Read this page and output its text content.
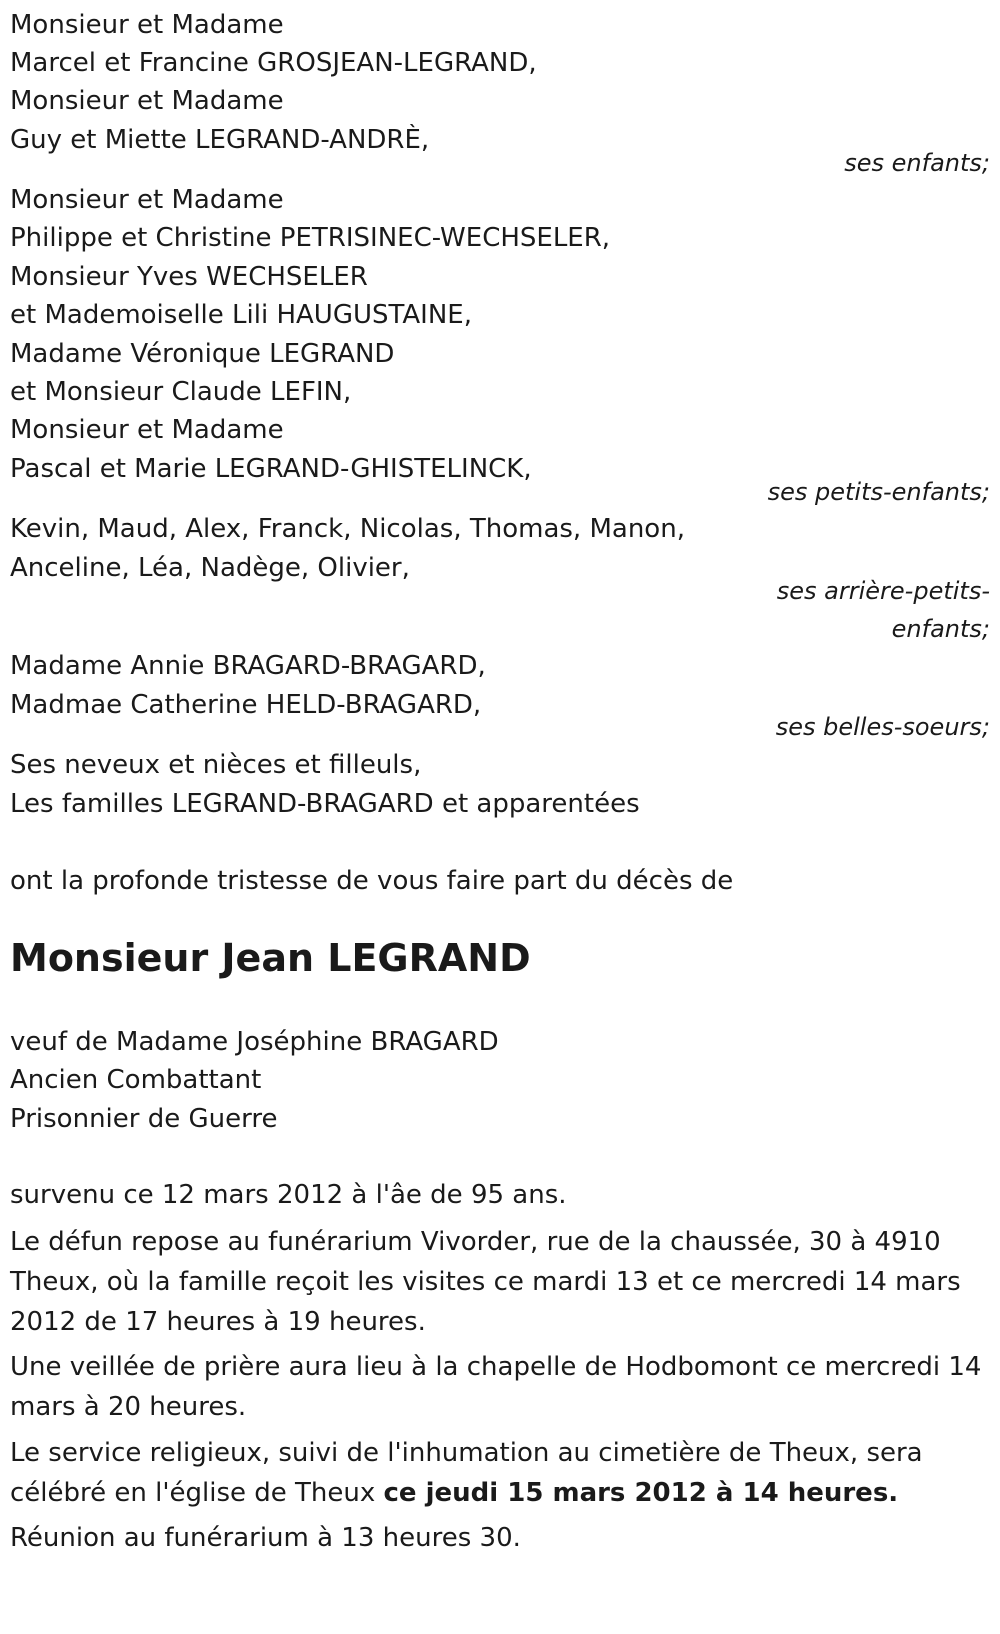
Monsieur et Madame
Marcel et Francine GROSJEAN-LEGRAND,
Monsieur et Madame
Guy et Miette LEGRAND-ANDRÈ,
ses enfants;
Monsieur et Madame
Philippe et Christine PETRISINEC-WECHSELER,
Monsieur Yves WECHSELER
et Mademoiselle Lili HAUGUSTAINE,
Madame Véronique LEGRAND
et Monsieur Claude LEFIN,
Monsieur et Madame
Pascal et Marie LEGRAND-GHISTELINCK,
ses petits-enfants;
Kevin, Maud, Alex, Franck, Nicolas, Thomas, Manon,
Anceline, Léa, Nadège, Olivier,
ses arrière-petits-
enfants;
Madame Annie BRAGARD-BRAGARD,
Madmae Catherine HELD-BRAGARD,
ses belles-soeurs;
Ses neveux et nièces et filleuls,
Les familles LEGRAND-BRAGARD et apparentées
ont la profonde tristesse de vous faire part du décès de
Monsieur Jean LEGRAND
veuf de Madame Joséphine BRAGARD
Ancien Combattant
Prisonnier de Guerre
survenu ce 12 mars 2012 à l'âe de 95 ans.
Le défun repose au funérarium Vivorder, rue de la chaussée, 30 à 4910 Theux, où la famille reçoit les visites ce mardi 13 et ce mercredi 14 mars 2012 de 17 heures à 19 heures.
Une veillée de prière aura lieu à la chapelle de Hodbomont ce mercredi 14 mars à 20 heures.
Le service religieux, suivi de l'inhumation au cimetière de Theux, sera célébré en l'église de Theux ce jeudi 15 mars 2012 à 14 heures.
Réunion au funérarium à 13 heures 30.
